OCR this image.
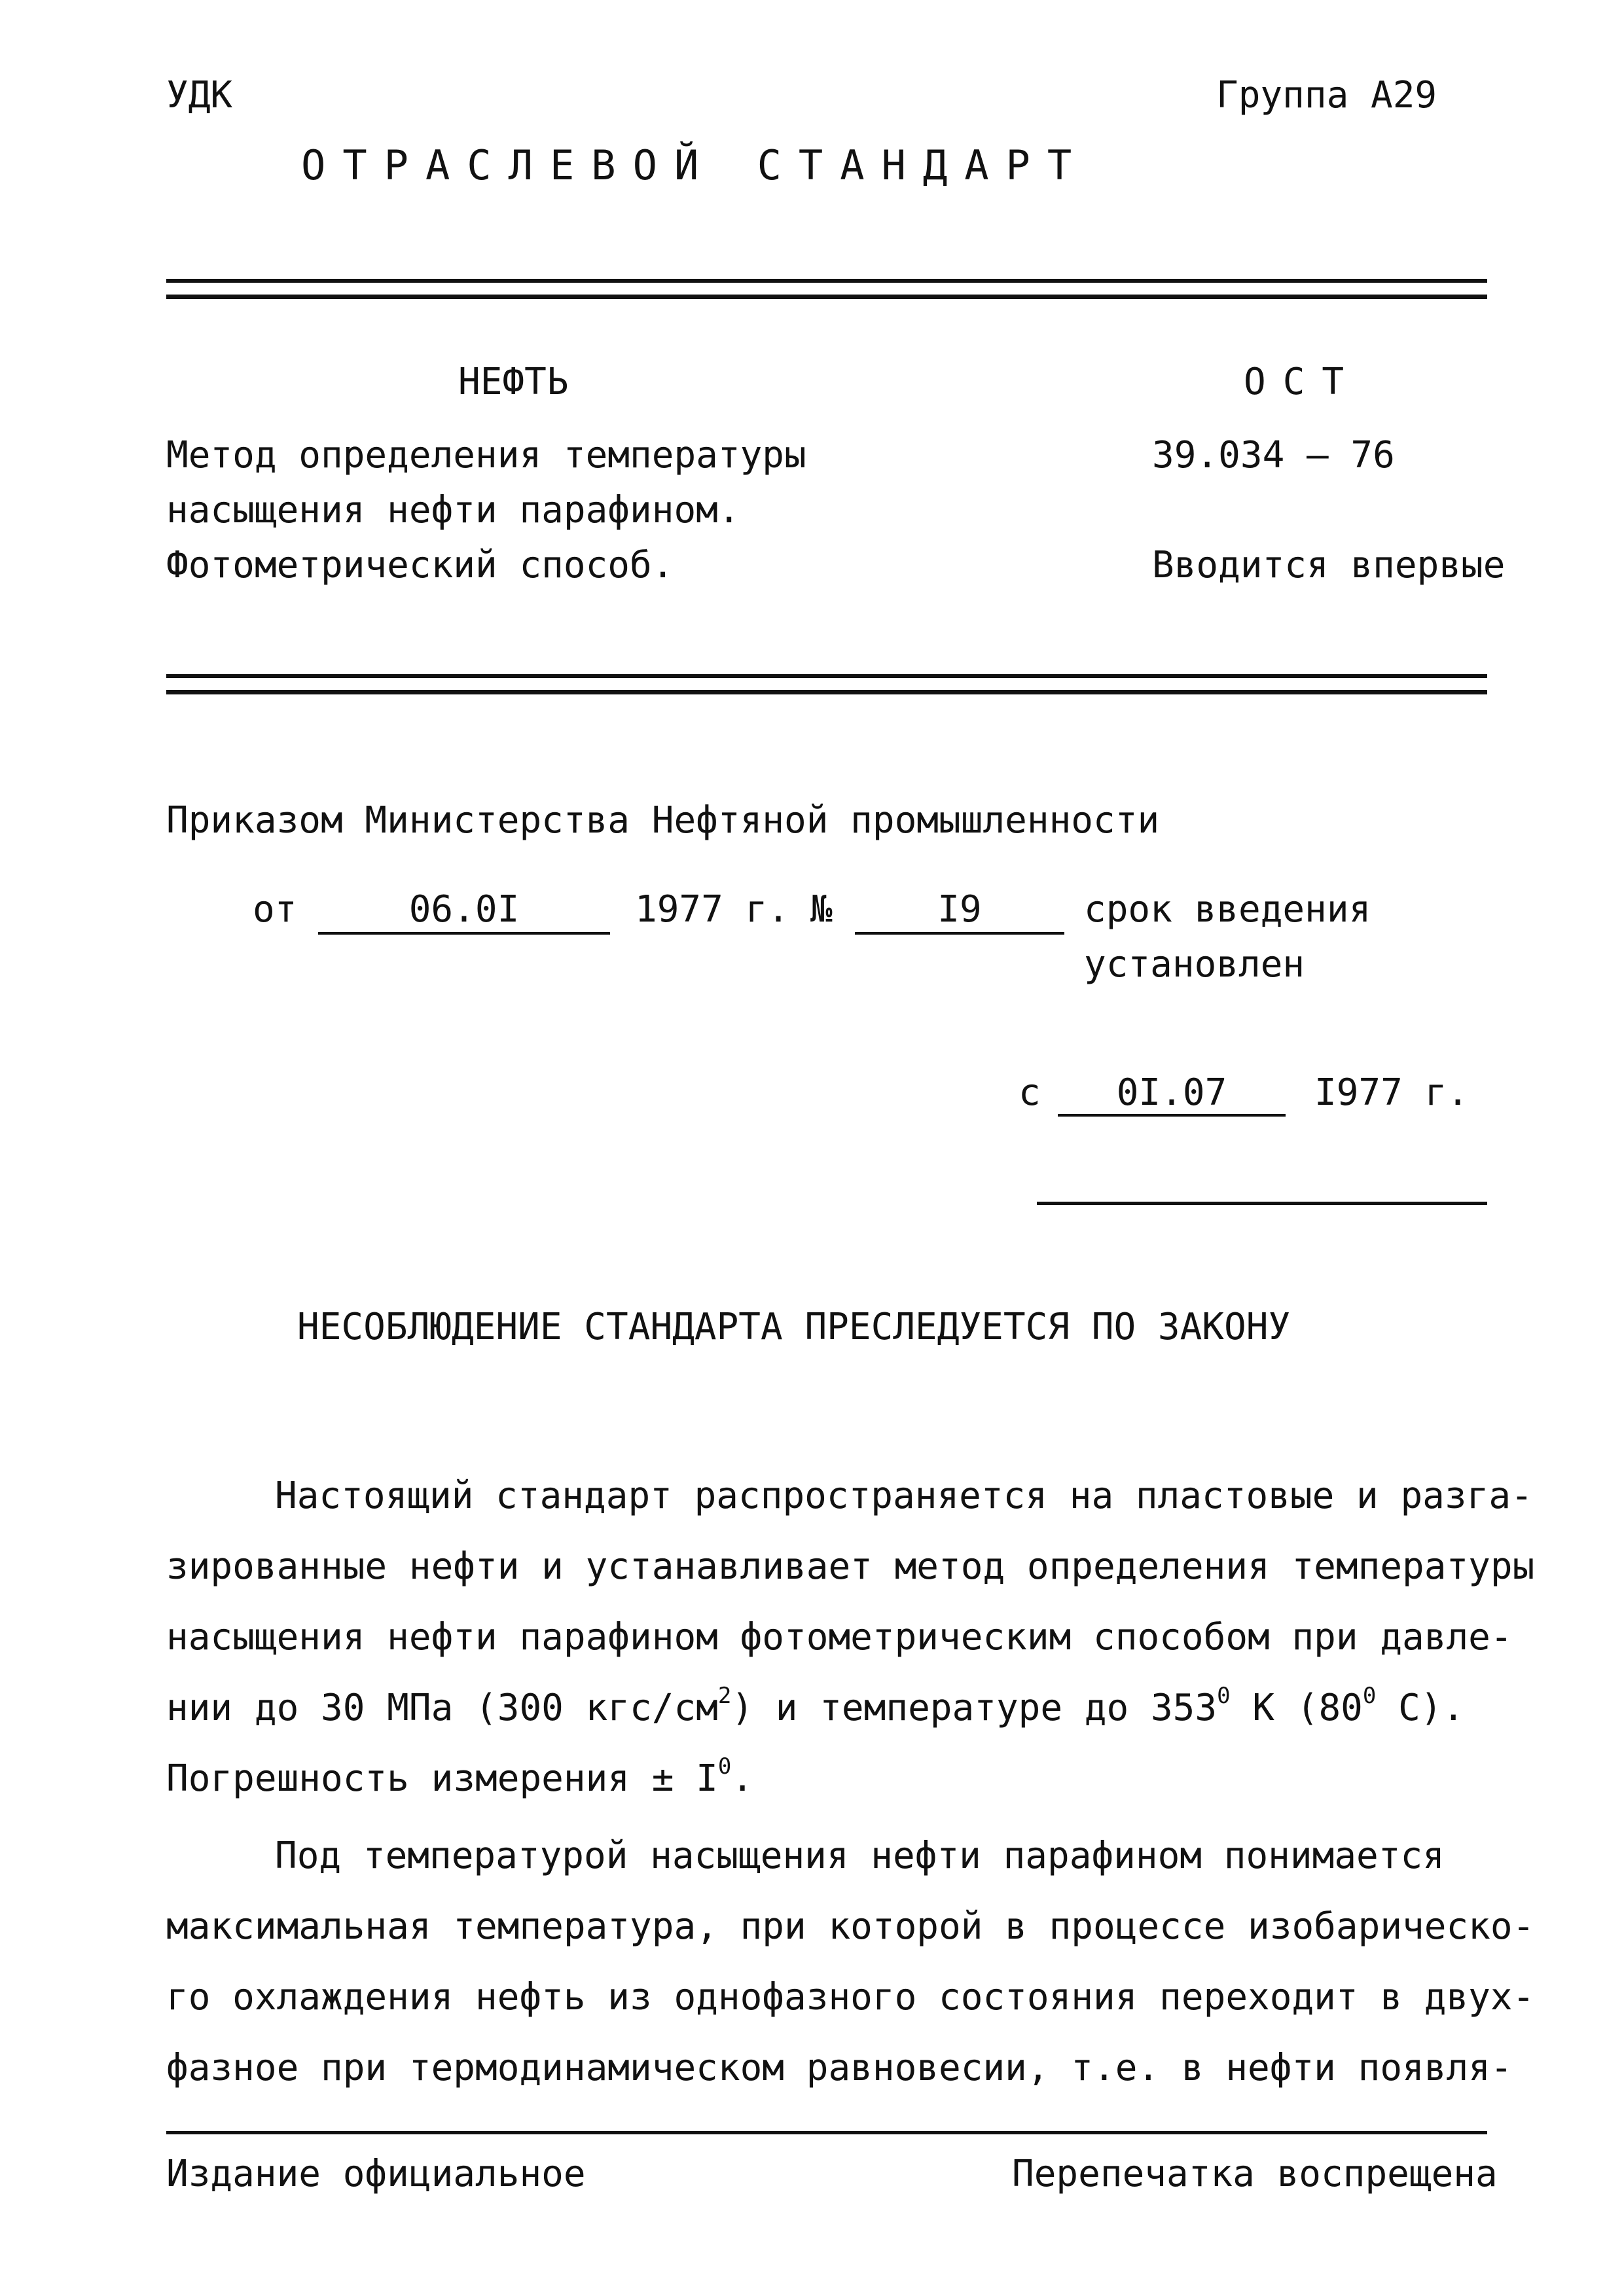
УДК	Группа А29
ОТРАСЛЕВОЙ СТАНДАРТ
НЕФТЬ	ОСТ
Метод определения температуры	39.034 – 76
насыщения нефти парафином.
Фотометрический способ.	Вводится впервые
Приказом Министерства Нефтяной промышленности
от	06.0I	1977 г. №	I9	срок введения
установлен
с	0I.07	I977 г.
НЕСОБЛЮДЕНИЕ СТАНДАРТА ПРЕСЛЕДУЕТСЯ ПО ЗАКОНУ
Настоящий стандарт распространяется на пластовые и разга-
зированные нефти и устанавливает метод определения температуры
насыщения нефти парафином фотометрическим способом при давле-
нии до 30 МПа (300 кгс/$см^2$) и температуре до $353^0$ К ($80^0$ С).
Погрешность измерения ± $I^0$.
Под температурой насыщения нефти парафином понимается
максимальная температура, при которой в процессе изобарическо-
го охлаждения нефть из однофазного состояния переходит в двух-
фазное при термодинамическом равновесии, т.е. в нефти появля-
Издание официальное	Перепечатка воспрещена
